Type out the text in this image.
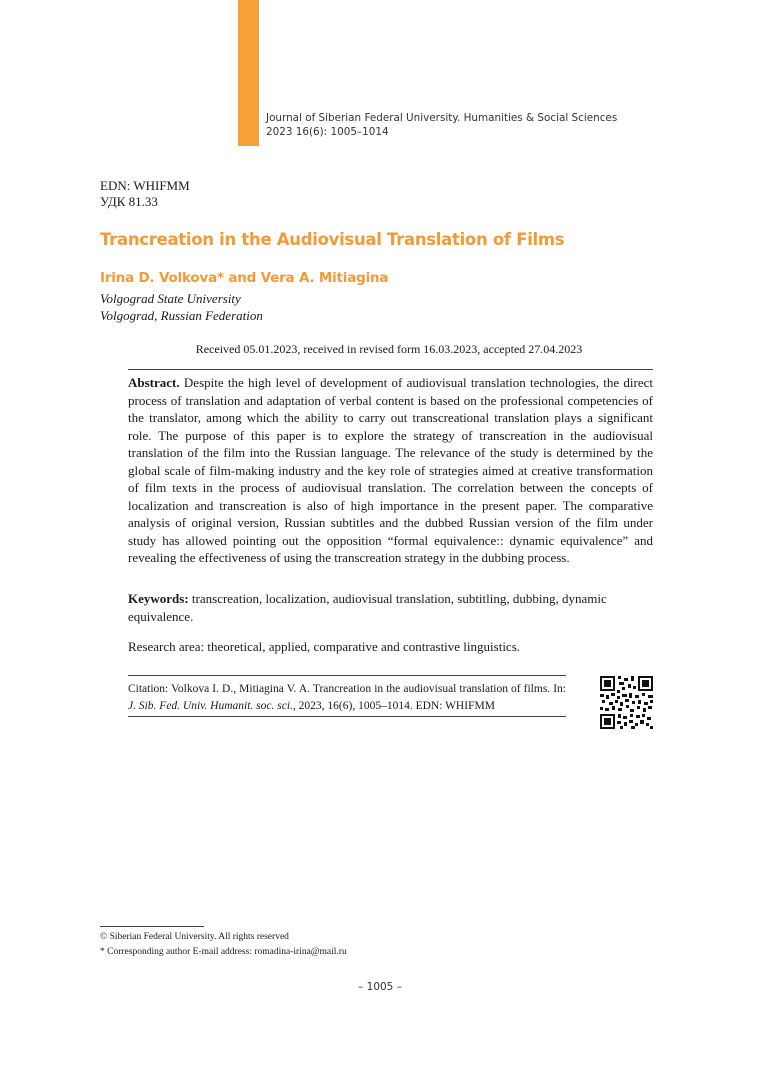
Journal of Siberian Federal University. Humanities & Social Sciences
2023 16(6): 1005–1014
EDN: WHIFMM
УДК 81.33
Trancreation in the Audiovisual Translation of Films
Irina D. Volkova* and Vera A. Mitiagina
Volgograd State University
Volgograd, Russian Federation
Received 05.01.2023, received in revised form 16.03.2023, accepted 27.04.2023
Abstract. Despite the high level of development of audiovisual translation technologies, the direct process of translation and adaptation of verbal content is based on the professional competencies of the translator, among which the ability to carry out transcreational translation plays a significant role. The purpose of this paper is to explore the strategy of transcreation in the audiovisual translation of the film into the Russian language. The relevance of the study is determined by the global scale of film-making industry and the key role of strategies aimed at creative transformation of film texts in the process of audiovisual translation. The correlation between the concepts of localization and transcreation is also of high importance in the present paper. The comparative analysis of original version, Russian subtitles and the dubbed Russian version of the film under study has allowed pointing out the opposition “formal equivalence:: dynamic equivalence” and revealing the effectiveness of using the transcreation strategy in the dubbing process.
Keywords: transcreation, localization, audiovisual translation, subtitling, dubbing, dynamic equivalence.
Research area: theoretical, applied, comparative and contrastive linguistics.
Citation: Volkova I. D., Mitiagina V. A. Trancreation in the audiovisual translation of films. In: J. Sib. Fed. Univ. Humanit. soc. sci., 2023, 16(6), 1005–1014. EDN: WHIFMM
© Siberian Federal University. All rights reserved
* Corresponding author E-mail address: romadina-irina@mail.ru
– 1005 –
